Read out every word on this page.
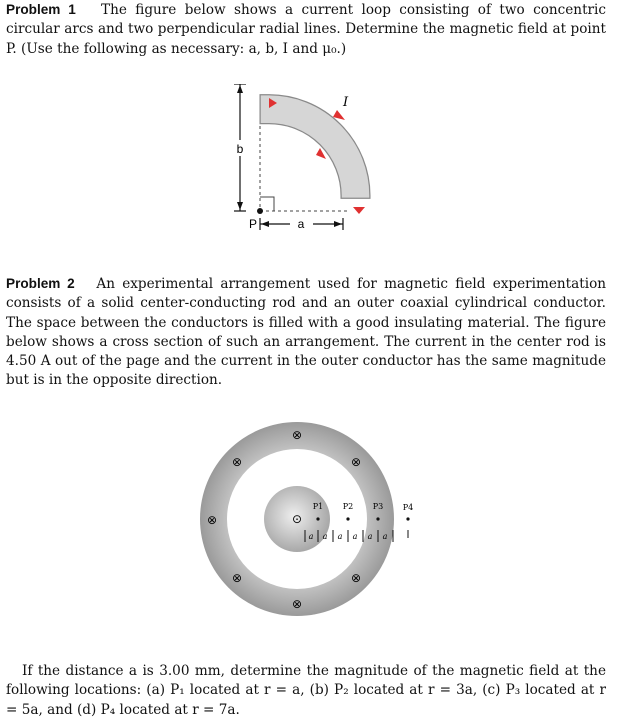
Problem 1 The figure below shows a current loop consisting of two concentric circular arcs and two perpendicular radial lines. Determine the magnetic field at point P. (Use the following as necessary: a, b, I and μ₀.)

b
I
P	a

Problem 2 An experimental arrangement used for magnetic field experimentation consists of a solid center-conducting rod and an outer coaxial cylindrical conductor. The space between the conductors is filled with a good insulating material. The figure below shows a cross section of such an arrangement. The current in the center rod is 4.50 A out of the page and the current in the outer conductor has the same magnitude but is in the opposite direction.

⊗
⊗	⊗
⊗
⊗	⊗
⊗
⊙
P1 P2 P3
a a a a a a
P4

If the distance a is 3.00 mm, determine the magnitude of the magnetic field at the following locations: (a) P₁ located at r = a, (b) P₂ located at r = 3a, (c) P₃ located at r = 5a, and (d) P₄ located at r = 7a.
